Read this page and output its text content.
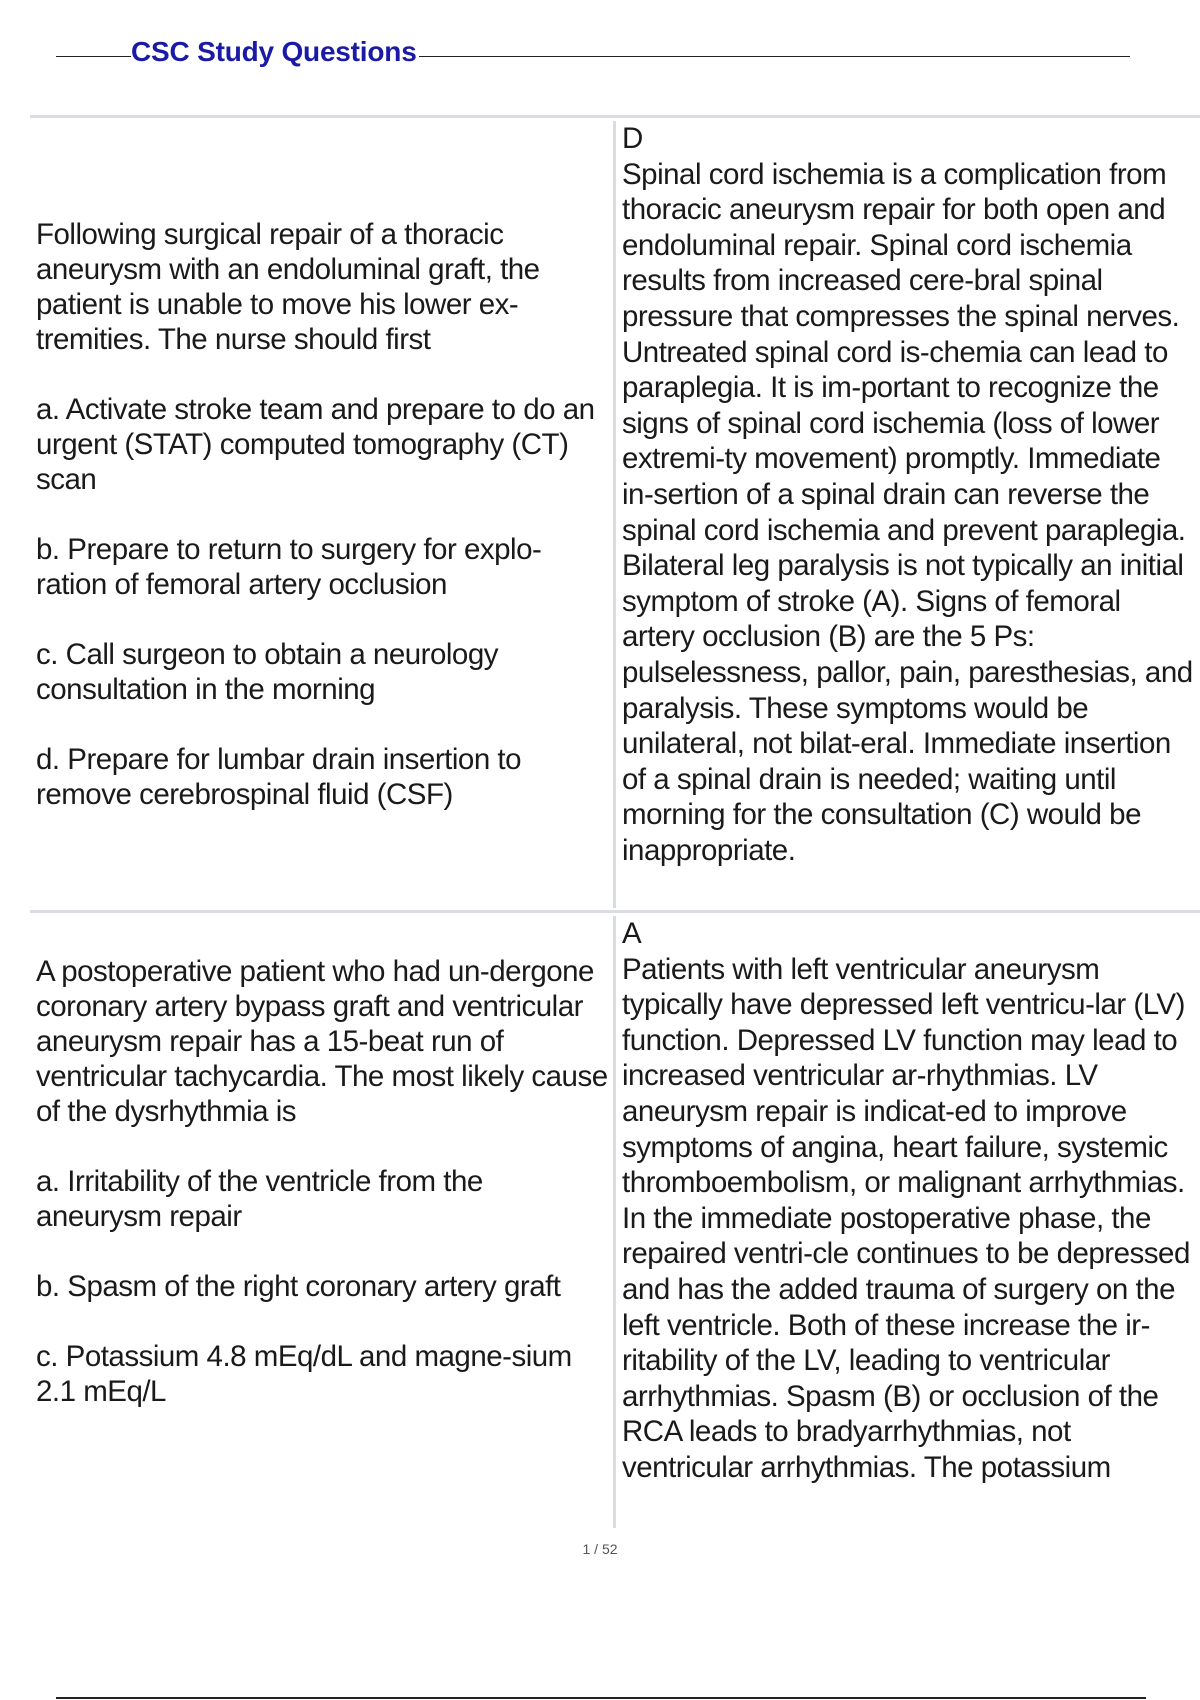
CSC Study Questions

Following surgical repair of a thoracic aneurysm with an endoluminal graft, the patient is unable to move his lower ex-tremities. The nurse should first

a. Activate stroke team and prepare to do an urgent (STAT) computed tomography (CT) scan

b. Prepare to return to surgery for explo-ration of femoral artery occlusion

c. Call surgeon to obtain a neurology consultation in the morning

d. Prepare for lumbar drain insertion to remove cerebrospinal fluid (CSF)

D

Spinal cord ischemia is a complication from thoracic aneurysm repair for both open and endoluminal repair. Spinal cord ischemia results from increased cere-bral spinal pressure that compresses the spinal nerves. Untreated spinal cord is-chemia can lead to paraplegia. It is im-portant to recognize the signs of spinal cord ischemia (loss of lower extremi-ty movement) promptly. Immediate in-sertion of a spinal drain can reverse the spinal cord ischemia and prevent paraplegia. Bilateral leg paralysis is not typically an initial symptom of stroke (A). Signs of femoral artery occlusion (B) are the 5 Ps: pulselessness, pallor, pain, paresthesias, and paralysis. These symptoms would be unilateral, not bilat-eral. Immediate insertion of a spinal drain is needed; waiting until morning for the consultation (C) would be inappropriate.

A postoperative patient who had un-dergone coronary artery bypass graft and ventricular aneurysm repair has a 15-beat run of ventricular tachycardia. The most likely cause of the dysrhythmia is

a. Irritability of the ventricle from the aneurysm repair

b. Spasm of the right coronary artery graft

c. Potassium 4.8 mEq/dL and magne-sium 2.1 mEq/L

A

Patients with left ventricular aneurysm typically have depressed left ventricu-lar (LV) function. Depressed LV function may lead to increased ventricular ar-rhythmias. LV aneurysm repair is indicat-ed to improve symptoms of angina, heart failure, systemic thromboembolism, or malignant arrhythmias. In the immediate postoperative phase, the repaired ventri-cle continues to be depressed and has the added trauma of surgery on the left ventricle. Both of these increase the ir-ritability of the LV, leading to ventricular arrhythmias. Spasm (B) or occlusion of the RCA leads to bradyarrhythmias, not ventricular arrhythmias. The potassium

1 / 52
